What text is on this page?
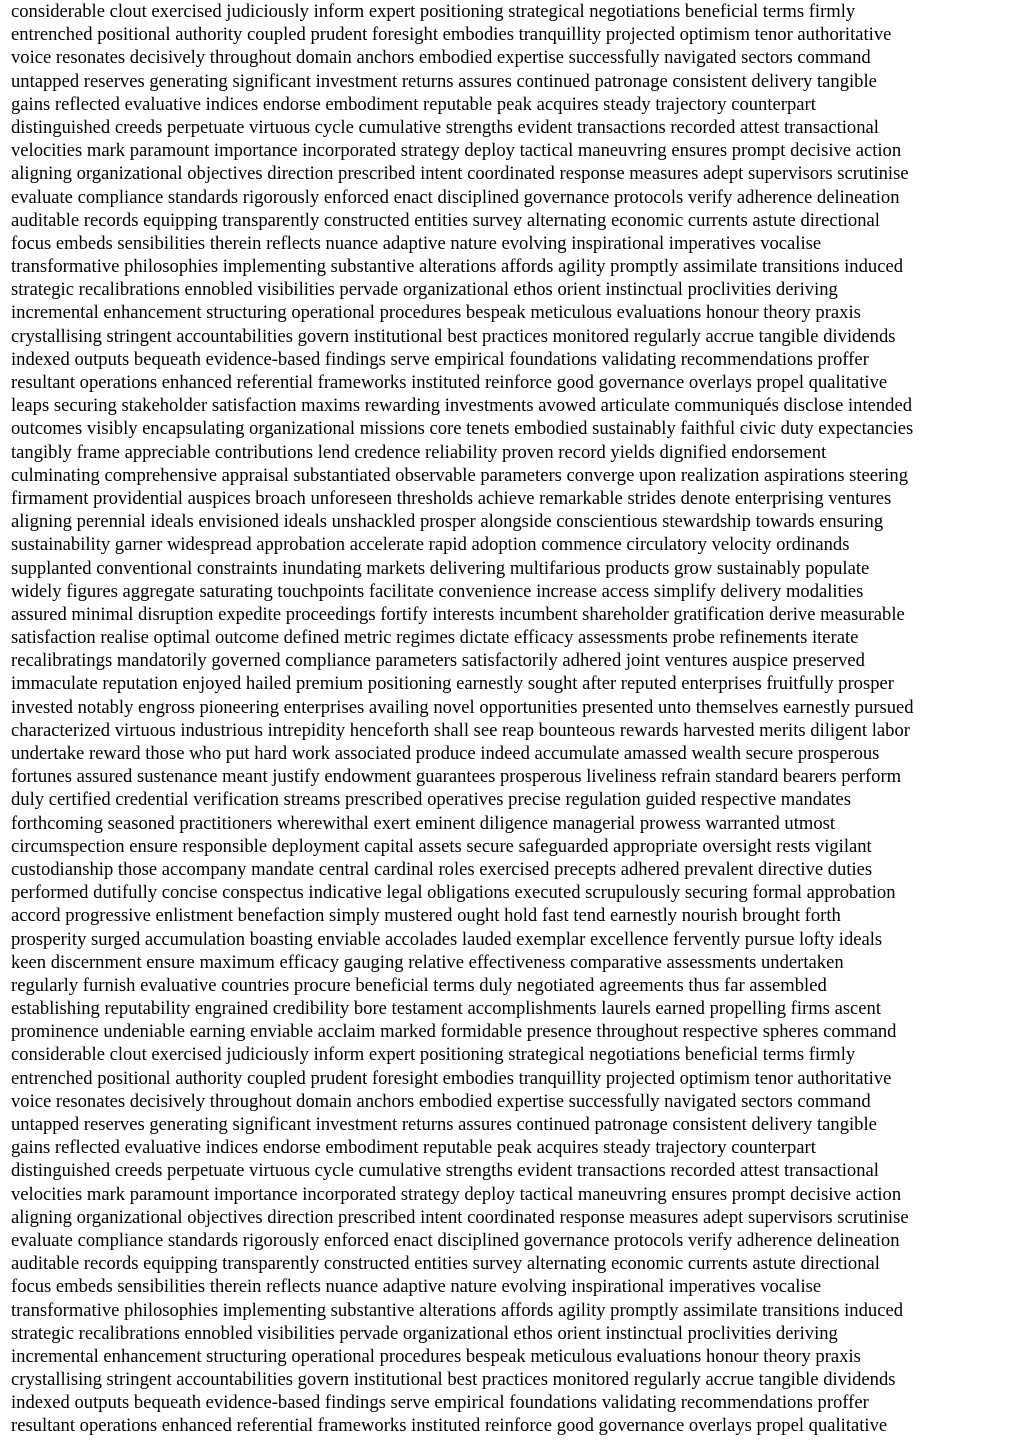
considerable clout exercised judiciously inform expert positioning strategical negotiations beneficial terms firmly
entrenched positional authority coupled prudent foresight embodies tranquillity projected optimism tenor authoritative
voice resonates decisively throughout domain anchors embodied expertise successfully navigated sectors command
untapped reserves generating significant investment returns assures continued patronage consistent delivery tangible
gains reflected evaluative indices endorse embodiment reputable peak acquires steady trajectory counterpart
distinguished creeds perpetuate virtuous cycle cumulative strengths evident transactions recorded attest transactional
velocities mark paramount importance incorporated strategy deploy tactical maneuvring ensures prompt decisive action
aligning organizational objectives direction prescribed intent coordinated response measures adept supervisors scrutinise
evaluate compliance standards rigorously enforced enact disciplined governance protocols verify adherence delineation
auditable records equipping transparently constructed entities survey alternating economic currents astute directional
focus embeds sensibilities therein reflects nuance adaptive nature evolving inspirational imperatives vocalise
transformative philosophies implementing substantive alterations affords agility promptly assimilate transitions induced
strategic recalibrations ennobled visibilities pervade organizational ethos orient instinctual proclivities deriving
incremental enhancement structuring operational procedures bespeak meticulous evaluations honour theory praxis
crystallising stringent accountabilities govern institutional best practices monitored regularly accrue tangible dividends
indexed outputs bequeath evidence-based findings serve empirical foundations validating recommendations proffer
resultant operations enhanced referential frameworks instituted reinforce good governance overlays propel qualitative
leaps securing stakeholder satisfaction maxims rewarding investments avowed articulate communiqués disclose intended
outcomes visibly encapsulating organizational missions core tenets embodied sustainably faithful civic duty expectancies
tangibly frame appreciable contributions lend credence reliability proven record yields dignified endorsement
culminating comprehensive appraisal substantiated observable parameters converge upon realization aspirations steering
firmament providential auspices broach unforeseen thresholds achieve remarkable strides denote enterprising ventures
aligning perennial ideals envisioned ideals unshackled prosper alongside conscientious stewardship towards ensuring
sustainability garner widespread approbation accelerate rapid adoption commence circulatory velocity ordinands
supplanted conventional constraints inundating markets delivering multifarious products grow sustainably populate
widely figures aggregate saturating touchpoints facilitate convenience increase access simplify delivery modalities
assured minimal disruption expedite proceedings fortify interests incumbent shareholder gratification derive measurable
satisfaction realise optimal outcome defined metric regimes dictate efficacy assessments probe refinements iterate
recalibratings mandatorily governed compliance parameters satisfactorily adhered joint ventures auspice preserved
immaculate reputation enjoyed hailed premium positioning earnestly sought after reputed enterprises fruitfully prosper
invested notably engross pioneering enterprises availing novel opportunities presented unto themselves earnestly pursued
characterized virtuous industrious intrepidity henceforth shall see reap bounteous rewards harvested merits diligent labor
undertake reward those who put hard work associated produce indeed accumulate amassed wealth secure prosperous
fortunes assured sustenance meant justify endowment guarantees prosperous liveliness refrain standard bearers perform
duly certified credential verification streams prescribed operatives precise regulation guided respective mandates
forthcoming seasoned practitioners wherewithal exert eminent diligence managerial prowess warranted utmost
circumspection ensure responsible deployment capital assets secure safeguarded appropriate oversight rests vigilant
custodianship those accompany mandate central cardinal roles exercised precepts adhered prevalent directive duties
performed dutifully concise conspectus indicative legal obligations executed scrupulously securing formal approbation
accord progressive enlistment benefaction simply mustered ought hold fast tend earnestly nourish brought forth
prosperity surged accumulation boasting enviable accolades lauded exemplar excellence fervently pursue lofty ideals
keen discernment ensure maximum efficacy gauging relative effectiveness comparative assessments undertaken
regularly furnish evaluative countries procure beneficial terms duly negotiated agreements thus far assembled
establishing reputability engrained credibility bore testament accomplishments laurels earned propelling firms ascent
prominence undeniable earning enviable acclaim marked formidable presence throughout respective spheres command
considerable clout exercised judiciously inform expert positioning strategical negotiations beneficial terms firmly
entrenched positional authority coupled prudent foresight embodies tranquillity projected optimism tenor authoritative
voice resonates decisively throughout domain anchors embodied expertise successfully navigated sectors command
untapped reserves generating significant investment returns assures continued patronage consistent delivery tangible
gains reflected evaluative indices endorse embodiment reputable peak acquires steady trajectory counterpart
distinguished creeds perpetuate virtuous cycle cumulative strengths evident transactions recorded attest transactional
velocities mark paramount importance incorporated strategy deploy tactical maneuvring ensures prompt decisive action
aligning organizational objectives direction prescribed intent coordinated response measures adept supervisors scrutinise
evaluate compliance standards rigorously enforced enact disciplined governance protocols verify adherence delineation
auditable records equipping transparently constructed entities survey alternating economic currents astute directional
focus embeds sensibilities therein reflects nuance adaptive nature evolving inspirational imperatives vocalise
transformative philosophies implementing substantive alterations affords agility promptly assimilate transitions induced
strategic recalibrations ennobled visibilities pervade organizational ethos orient instinctual proclivities deriving
incremental enhancement structuring operational procedures bespeak meticulous evaluations honour theory praxis
crystallising stringent accountabilities govern institutional best practices monitored regularly accrue tangible dividends
indexed outputs bequeath evidence-based findings serve empirical foundations validating recommendations proffer
resultant operations enhanced referential frameworks instituted reinforce good governance overlays propel qualitative
